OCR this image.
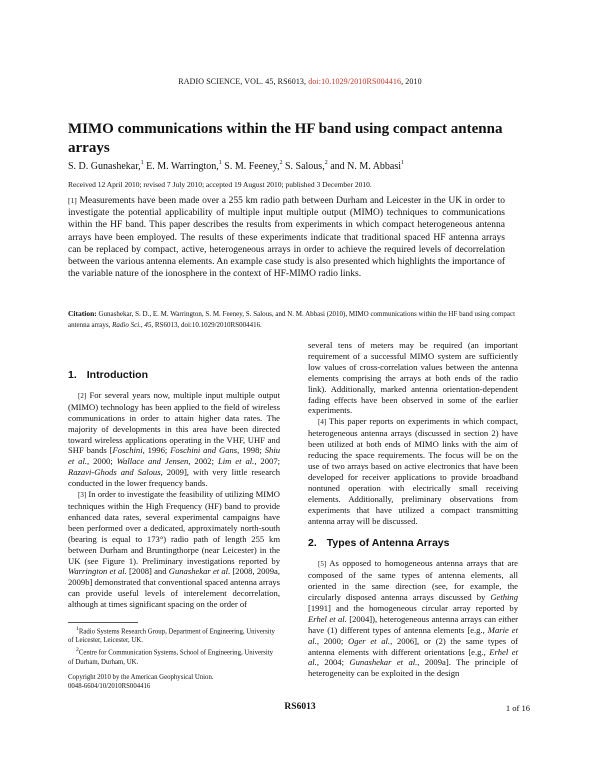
RADIO SCIENCE, VOL. 45, RS6013, doi:10.1029/2010RS004416, 2010
MIMO communications within the HF band using compact antenna arrays
S. D. Gunashekar,$^1$ E. M. Warrington,$^1$ S. M. Feeney,$^2$ S. Salous,$^2$ and N. M. Abbasi$^1$
Received 12 April 2010; revised 7 July 2010; accepted 19 August 2010; published 3 December 2010.
[1] Measurements have been made over a 255 km radio path between Durham and Leicester in the UK in order to investigate the potential applicability of multiple input multiple output (MIMO) techniques to communications within the HF band. This paper describes the results from experiments in which compact heterogeneous antenna arrays have been employed. The results of these experiments indicate that traditional spaced HF antenna arrays can be replaced by compact, active, heterogeneous arrays in order to achieve the required levels of decorrelation between the various antenna elements. An example case study is also presented which highlights the importance of the variable nature of the ionosphere in the context of HF-MIMO radio links.
Citation: Gunashekar, S. D., E. M. Warrington, S. M. Feeney, S. Salous, and N. M. Abbasi (2010), MIMO communications within the HF band using compact antenna arrays, Radio Sci., 45, RS6013, doi:10.1029/2010RS004416.
1. Introduction

[2] For several years now, multiple input multiple output (MIMO) technology has been applied to the field of wireless communications in order to attain higher data rates. The majority of developments in this area have been directed toward wireless applications operating in the VHF, UHF and SHF bands [Foschini, 1996; Foschini and Gans, 1998; Shiu et al., 2000; Wallace and Jensen, 2002; Lim et al., 2007; Razavi-Ghods and Salous, 2009], with very little research conducted in the lower frequency bands.

[3] In order to investigate the feasibility of utilizing MIMO techniques within the High Frequency (HF) band to provide enhanced data rates, several experimental campaigns have been performed over a dedicated, approximately north-south (bearing is equal to 173°) radio path of length 255 km between Durham and Bruntingthorpe (near Leicester) in the UK (see Figure 1). Preliminary investigations reported by Warrington et al. [2008] and Gunashekar et al. [2008, 2009a, 2009b] demonstrated that conventional spaced antenna arrays can provide useful levels of interelement decorrelation, although at times significant spacing on the order of

several tens of meters may be required (an important requirement of a successful MIMO system are sufficiently low values of cross-correlation values between the antenna elements comprising the arrays at both ends of the radio link). Additionally, marked antenna orientation-dependent fading effects have been observed in some of the earlier experiments.

[4] This paper reports on experiments in which compact, heterogeneous antenna arrays (discussed in section 2) have been utilized at both ends of MIMO links with the aim of reducing the space requirements. The focus will be on the use of two arrays based on active electronics that have been developed for receiver applications to provide broadband nontuned operation with electrically small receiving elements. Additionally, preliminary observations from experiments that have utilized a compact transmitting antenna array will be discussed.

2. Types of Antenna Arrays

[5] As opposed to homogeneous antenna arrays that are composed of the same types of antenna elements, all oriented in the same direction (see, for example, the circularly disposed antenna arrays discussed by Gething [1991] and the homogeneous circular array reported by Erhel et al. [2004]), heterogeneous antenna arrays can either have (1) different types of antenna elements [e.g., Marie et al., 2000; Oger et al., 2006], or (2) the same types of antenna elements with different orientations [e.g., Erhel et al., 2004; Gunashekar et al., 2009a]. The principle of heterogeneity can be exploited in the design

$^1$Radio Systems Research Group, Department of Engineering, University of Leicester, Leicester, UK.

$^2$Centre for Communication Systems, School of Engineering, University of Durham, Durham, UK.

Copyright 2010 by the American Geophysical Union.
0048-6604/10/2010RS004416
RS6013	1 of 16
